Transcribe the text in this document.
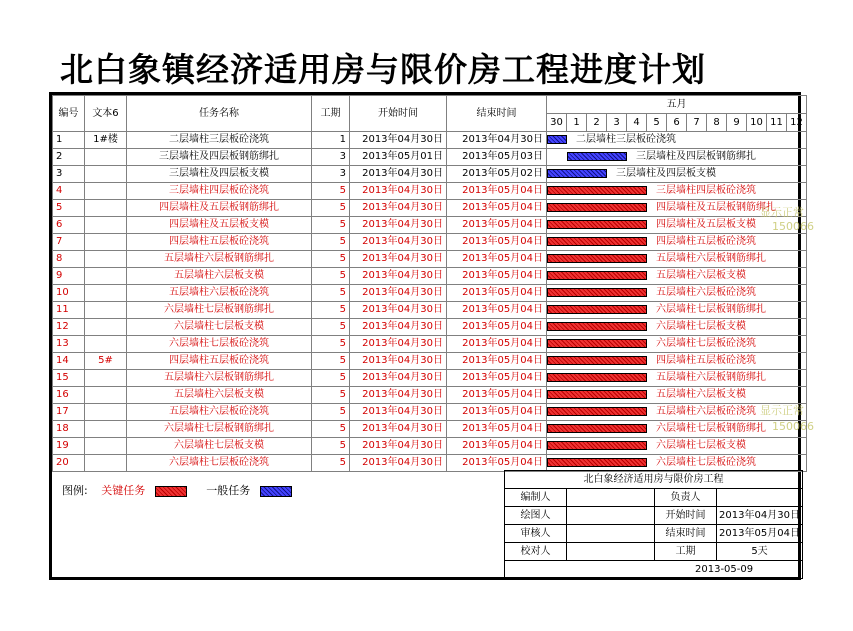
北白象镇经济适用房与限价房工程进度计划
编号	文本6	任务名称	工期	开始时间	结束时间	五月												
						30	1	2	3	4	5	6	7	8	9	10	11	12
1	1#楼	二层墙柱三层板砼浇筑	1	2013年04月30日	2013年04月30日	二层墙柱三层板砼浇筑												

2		三层墙柱及四层板钢筋绑扎	3	2013年05月01日	2013年05月03日	三层墙柱及四层板钢筋绑扎												

3		三层墙柱及四层板支模	3	2013年04月30日	2013年05月02日	三层墙柱及四层板支模												

4		三层墙柱四层板砼浇筑	5	2013年04月30日	2013年05月04日	三层墙柱四层板砼浇筑												

5		四层墙柱及五层板钢筋绑扎	5	2013年04月30日	2013年05月04日	四层墙柱及五层板钢筋绑扎												

6		四层墙柱及五层板支模	5	2013年04月30日	2013年05月04日	四层墙柱及五层板支模												

7		四层墙柱五层板砼浇筑	5	2013年04月30日	2013年05月04日	四层墙柱五层板砼浇筑												

8		五层墙柱六层板钢筋绑扎	5	2013年04月30日	2013年05月04日	五层墙柱六层板钢筋绑扎												

9		五层墙柱六层板支模	5	2013年04月30日	2013年05月04日	五层墙柱六层板支模												

10		五层墙柱六层板砼浇筑	5	2013年04月30日	2013年05月04日	五层墙柱六层板砼浇筑												

11		六层墙柱七层板钢筋绑扎	5	2013年04月30日	2013年05月04日	六层墙柱七层板钢筋绑扎												

12		六层墙柱七层板支模	5	2013年04月30日	2013年05月04日	六层墙柱七层板支模												

13		六层墙柱七层板砼浇筑	5	2013年04月30日	2013年05月04日	六层墙柱七层板砼浇筑												

14	5#	四层墙柱五层板砼浇筑	5	2013年04月30日	2013年05月04日	四层墙柱五层板砼浇筑												

15		五层墙柱六层板钢筋绑扎	5	2013年04月30日	2013年05月04日	五层墙柱六层板钢筋绑扎												

16		五层墙柱六层板支模	5	2013年04月30日	2013年05月04日	五层墙柱六层板支模												

17		五层墙柱六层板砼浇筑	5	2013年04月30日	2013年05月04日	五层墙柱六层板砼浇筑												

18		六层墙柱七层板钢筋绑扎	5	2013年04月30日	2013年05月04日	六层墙柱七层板钢筋绑扎												

19		六层墙柱七层板支模	5	2013年04月30日	2013年05月04日	六层墙柱七层板支模												

20		六层墙柱七层板砼浇筑	5	2013年04月30日	2013年05月04日	六层墙柱七层板砼浇筑												
图例: 关键任务	一般任务
北白象经济适用房与限价房工程			
编制人		负责人	
绘图人		开始时间	2013年04月30日
审核人		结束时间	2013年05月04日
校对人		工期	5天
2013-05-09			
显示正常
150066
显示正常
150066
